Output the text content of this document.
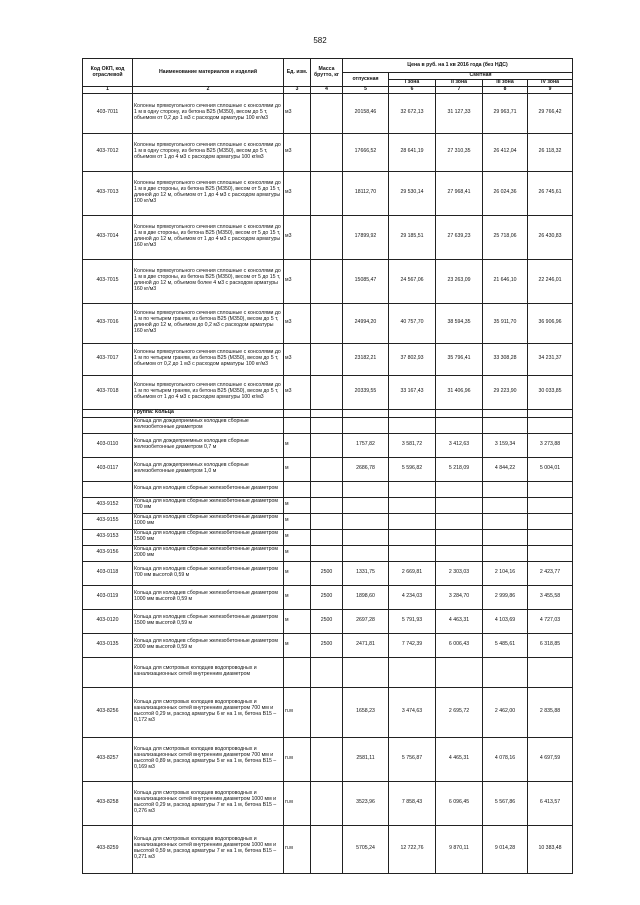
582
Код ОКП, код отраслевой	Наименование материалов и изделий	Ед. изм.	Масса брутто, кг	Цена в руб. на 1 кв 2016 года (без НДС)				
				отпускная	Сметная			
					I зона	II зона	III зона	IV зона
1	2	3	4	5	6	7	8	9
403-7011	Колонны прямоугольного сечения сплошные с консолями до 1 м в одну сторону, из бетона В25 (М350), весом до 5 т, объемом от 0,2 до 1 м3 с расходом арматуры 100 кг/м3	м3		20158,46	32 672,13	31 127,33	29 963,71	29 766,42
403-7012	Колонны прямоугольного сечения сплошные с консолями до 1 м в одну сторону, из бетона В25 (М350), весом до 5 т, объемом от 1 до 4 м3 с расходом арматуры 100 кг/м3	м3		17666,52	28 641,19	27 310,35	26 412,04	26 118,32
403-7013	Колонны прямоугольного сечения сплошные с консолями до 1 м в две стороны, из бетона В25 (М350), весом от 5 до 15 т, длиной до 12 м, объемом от 1 до 4 м3 с расходом арматуры 100 кг/м3	м3		18112,70	29 530,14	27 968,41	26 024,36	26 745,61
403-7014	Колонны прямоугольного сечения сплошные с консолями до 1 м в две стороны, из бетона В25 (М350), весом от 5 до 15 т, длиной до 12 м, объемом от 1 до 4 м3 с расходом арматуры 160 кг/м3	м3		17899,92	29 185,51	27 639,23	25 718,06	26 430,83
403-7015	Колонны прямоугольного сечения сплошные с консолями до 1 м в две стороны, из бетона В25 (М350), весом от 5 до 15 т, длиной до 12 м, объемом более 4 м3 с расходом арматуры 160 кг/м3	м3		15085,47	24 567,06	23 263,09	21 646,10	22 246,01
403-7016	Колонны прямоугольного сечения сплошные с консолями до 1 м по четырем граням, из бетона В25 (М350), весом до 5 т, длиной до 12 м, объемом до 0,2 м3 с расходом арматуры 160 кг/м3	м3		24994,20	40 757,70	38 594,35	35 911,70	36 906,96
403-7017	Колонны прямоугольного сечения сплошные с консолями до 1 м по четырем граням, из бетона В25 (М350), весом до 5 т, объемом от 0,2 до 1 м3 с расходом арматуры 100 кг/м3	м3		23182,21	37 802,93	35 796,41	33 308,28	34 231,37
403-7018	Колонны прямоугольного сечения сплошные с консолями до 1 м по четырем граням, из бетона В25 (М350), весом до 5 т, объемом от 1 до 4 м3 с расходом арматуры 100 кг/м3	м3		20339,55	33 167,43	31 406,96	29 223,90	30 033,85
	Группа: Кольца							
	Кольца для дождеприемных колодцев сборные железобетонные диаметром							
403-0110	Кольца для дождеприемных колодцев сборные железобетонные диаметром 0,7 м	м		1757,82	3 581,72	3 412,63	3 159,34	3 273,88
403-0117	Кольца для дождеприемных колодцев сборные железобетонные диаметром 1,0 м	м		2686,78	5 596,82	5 218,09	4 844,22	5 004,01
	Кольца для колодцев сборные железобетонные диаметром							
403-9152	Кольца для колодцев сборные железобетонные диаметром 700 мм	м						
403-9155	Кольца для колодцев сборные железобетонные диаметром 1000 мм	м						
403-9153	Кольца для колодцев сборные железобетонные диаметром 1500 мм	м						
403-9156	Кольца для колодцев сборные железобетонные диаметром 2000 мм	м						
403-0118	Кольца для колодцев сборные железобетонные диаметром 700 мм высотой 0,59 м	м	2500	1331,75	2 669,81	2 303,03	2 104,16	2 423,77
403-0119	Кольца для колодцев сборные железобетонные диаметром 1000 мм высотой 0,59 м	м	2500	1898,60	4 234,03	3 284,70	2 999,86	3 455,58
403-0120	Кольца для колодцев сборные железобетонные диаметром 1500 мм высотой 0,59 м	м	2500	2697,28	5 791,93	4 463,31	4 103,69	4 727,03
403-0135	Кольца для колодцев сборные железобетонные диаметром 2000 мм высотой 0,59 м	м	2500	2471,81	7 742,39	6 006,43	5 485,61	6 318,85
	Кольца для смотровых колодцев водопроводных и канализационных сетей внутренним диаметром							
403-8256	Кольца для смотровых колодцев водопроводных и канализационных сетей внутренним диаметром 700 мм и высотой 0,29 м, расход арматуры 6 кг на 1 м, бетона В15 – 0,172 м3	п.м		1658,23	3 474,63	2 695,72	2 462,00	2 835,88
403-8257	Кольца для смотровых колодцев водопроводных и канализационных сетей внутренним диаметром 700 мм и высотой 0,89 м, расход арматуры 5 кг на 1 м, бетона В15 – 0,169 м3	п.м		2581,11	5 756,87	4 465,31	4 078,16	4 697,59
403-8258	Кольца для смотровых колодцев водопроводных и канализационных сетей внутренним диаметром 1000 мм и высотой 0,29 м, расход арматуры 7 кг на 1 м, бетона В15 – 0,276 м3	п.м		3523,96	7 858,43	6 096,45	5 567,86	6 413,57
403-8259	Кольца для смотровых колодцев водопроводных и канализационных сетей внутренним диаметром 1000 мм и высотой 0,59 м, расход арматуры 7 кг на 1 м, бетона В15 – 0,271 м3	п.м		5705,24	12 722,76	9 870,11	9 014,28	10 383,48
